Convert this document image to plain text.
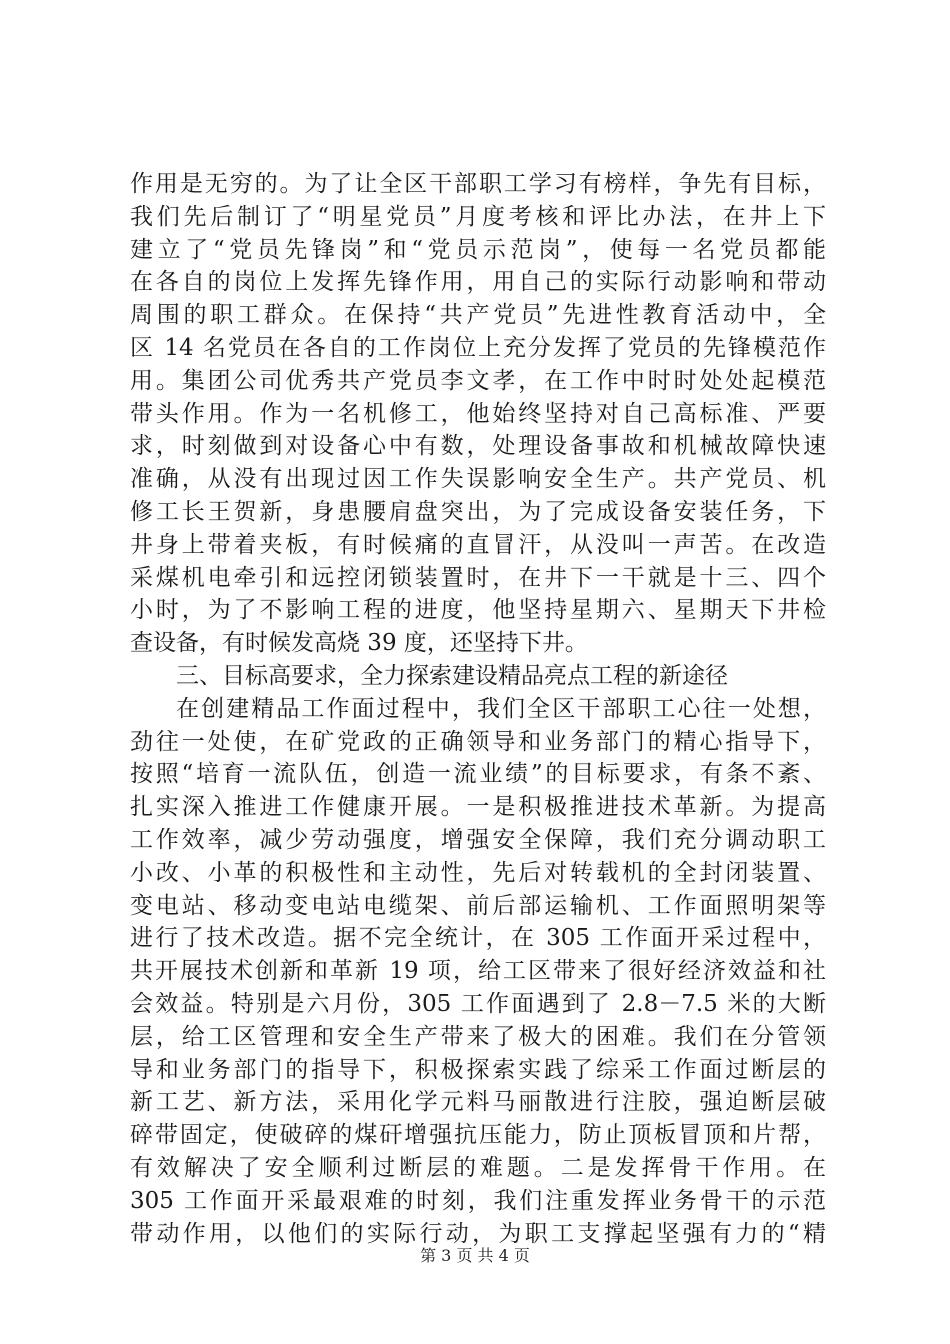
作用是无穷的。为了让全区干部职工学习有榜样，争先有目标，
我们先后制订了“明星党员”月度考核和评比办法，在井上下
建立了“党员先锋岗”和“党员示范岗”，使每一名党员都能
在各自的岗位上发挥先锋作用，用自己的实际行动影响和带动
周围的职工群众。在保持“共产党员”先进性教育活动中，全
区 14 名党员在各自的工作岗位上充分发挥了党员的先锋模范作
用。集团公司优秀共产党员李文孝，在工作中时时处处起模范
带头作用。作为一名机修工，他始终坚持对自己高标准、严要
求，时刻做到对设备心中有数，处理设备事故和机械故障快速
准确，从没有出现过因工作失误影响安全生产。共产党员、机
修工长王贺新，身患腰肩盘突出，为了完成设备安装任务，下
井身上带着夹板，有时候痛的直冒汗，从没叫一声苦。在改造
采煤机电牵引和远控闭锁装置时，在井下一干就是十三、四个
小时，为了不影响工程的进度，他坚持星期六、星期天下井检
查设备，有时候发高烧 39 度，还坚持下井。
三、目标高要求，全力探索建设精品亮点工程的新途径
在创建精品工作面过程中，我们全区干部职工心往一处想，
劲往一处使，在矿党政的正确领导和业务部门的精心指导下，
按照“培育一流队伍，创造一流业绩”的目标要求，有条不紊、
扎实深入推进工作健康开展。一是积极推进技术革新。为提高
工作效率，减少劳动强度，增强安全保障，我们充分调动职工
小改、小革的积极性和主动性，先后对转载机的全封闭装置、
变电站、移动变电站电缆架、前后部运输机、工作面照明架等
进行了技术改造。据不完全统计，在 305 工作面开采过程中，
共开展技术创新和革新 19 项，给工区带来了很好经济效益和社
会效益。特别是六月份，305 工作面遇到了 2.8－7.5 米的大断
层，给工区管理和安全生产带来了极大的困难。我们在分管领
导和业务部门的指导下，积极探索实践了综采工作面过断层的
新工艺、新方法，采用化学元料马丽散进行注胶，强迫断层破
碎带固定，使破碎的煤矸增强抗压能力，防止顶板冒顶和片帮，
有效解决了安全顺利过断层的难题。二是发挥骨干作用。在
305 工作面开采最艰难的时刻，我们注重发挥业务骨干的示范
带动作用，以他们的实际行动，为职工支撑起坚强有力的“精
第 3 页 共 4 页
